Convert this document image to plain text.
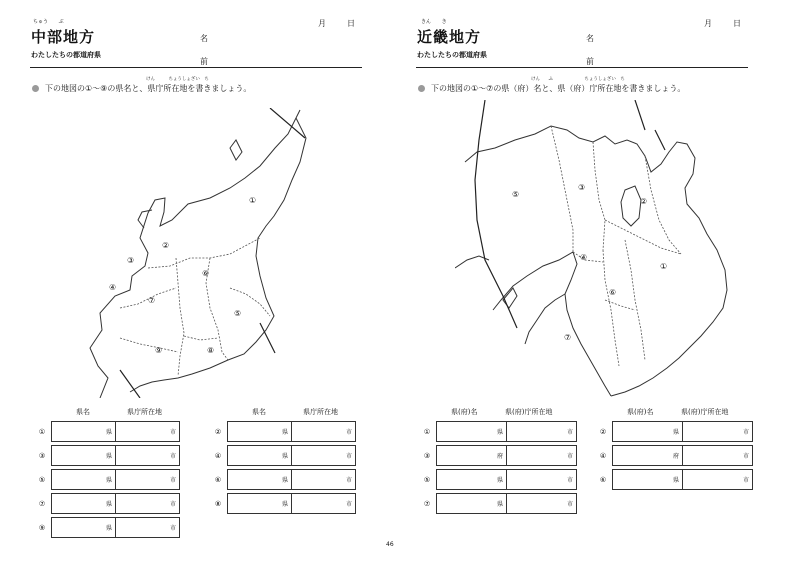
ちゅう ぶ
中部地方
わたしたちの都道府県
名
前
月	日
けん	ちょうしょざい　ち
下の地図の①～⑨の県名と、県庁所在地を書きましょう。
①
②
③
④
⑤
⑥
⑦
⑧
⑨
県名	県庁所在地	県名	県庁所在地
①	県	市

③	県	市

⑤	県	市

⑦	県	市

⑨	県	市
②	県	市

④	県	市

⑥	県	市

⑧	県	市
きん き
近畿地方
わたしたちの都道府県
名
前
月	日
けん ふ	ちょうしょざい　ち
下の地図の①～⑦の県（府）名と、県（府）庁所在地を書きましょう。
①
②
③
④
⑤
⑥
⑦
県(府)名	県(府)庁所在地	県(府)名	県(府)庁所在地
①	県	市

③	府	市

⑤	県	市

⑦	県	市
②	県	市

④	府	市

⑥	県	市
46
